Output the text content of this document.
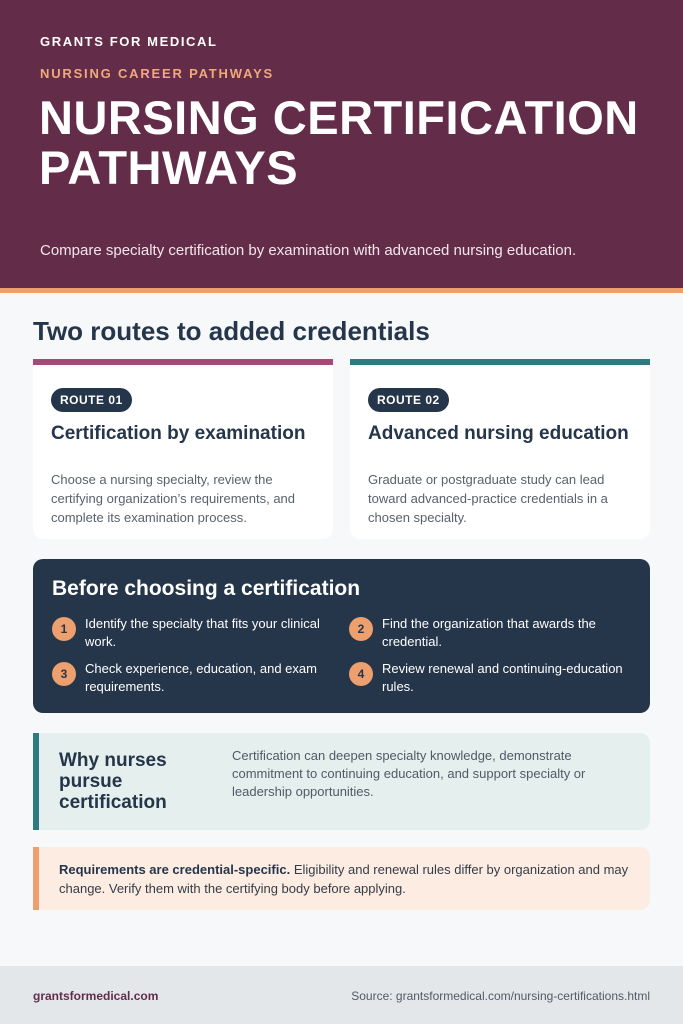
GRANTS FOR MEDICAL
NURSING CAREER PATHWAYS
NURSING CERTIFICATION PATHWAYS

Compare specialty certification by examination with advanced nursing education.

Two routes to added credentials
ROUTE 01
Certification by examination

Choose a nursing specialty, review the certifying organization’s requirements, and complete its examination process.

ROUTE 02
Advanced nursing education

Graduate or postgraduate study can lead toward advanced-practice credentials in a chosen specialty.

Before choosing a certification
1	Identify the specialty that fits your clinical work.
2	Find the organization that awards the credential.
3	Check experience, education, and exam requirements.
4	Review renewal and continuing-education rules.
Why nurses pursue certification

Certification can deepen specialty knowledge, demonstrate commitment to continuing education, and support specialty or leadership opportunities.

Requirements are credential-specific. Eligibility and renewal rules differ by organization and may change. Verify them with the certifying body before applying.

grantsformedical.com	Source: grantsformedical.com/nursing-certifications.html
